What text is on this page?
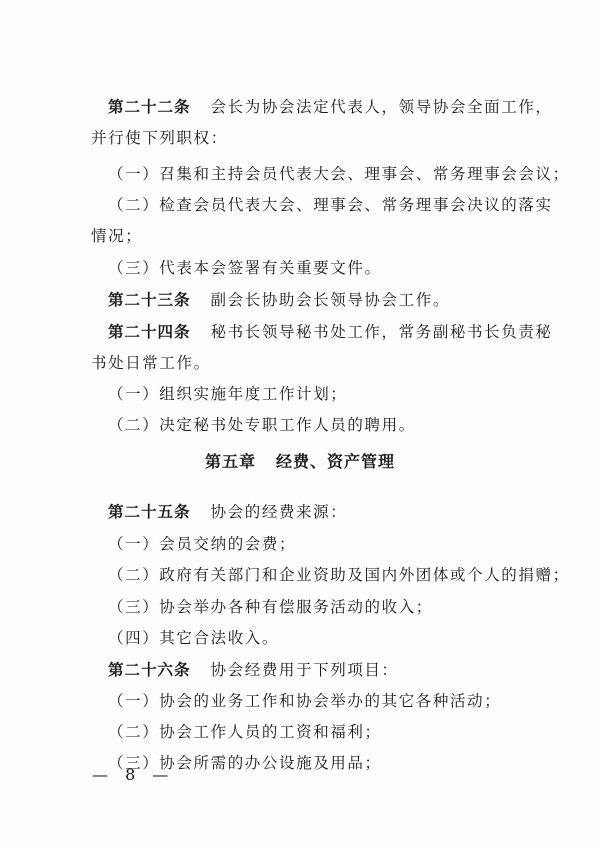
第二十二条 会长为协会法定代表人，领导协会全面工作，
并行使下列职权：
（一）召集和主持会员代表大会、理事会、常务理事会会议；
（二）检查会员代表大会、理事会、常务理事会决议的落实
情况；
（三）代表本会签署有关重要文件。
第二十三条 副会长协助会长领导协会工作。
第二十四条 秘书长领导秘书处工作，常务副秘书长负责秘
书处日常工作。
（一）组织实施年度工作计划；
（二）决定秘书处专职工作人员的聘用。
第五章 经费、资产管理
第二十五条 协会的经费来源：
（一）会员交纳的会费；
（二）政府有关部门和企业资助及国内外团体或个人的捐赠；
（三）协会举办各种有偿服务活动的收入；
（四）其它合法收入。
第二十六条 协会经费用于下列项目：
（一）协会的业务工作和协会举办的其它各种活动；
（二）协会工作人员的工资和福利；
（三）协会所需的办公设施及用品；
— 8 —
